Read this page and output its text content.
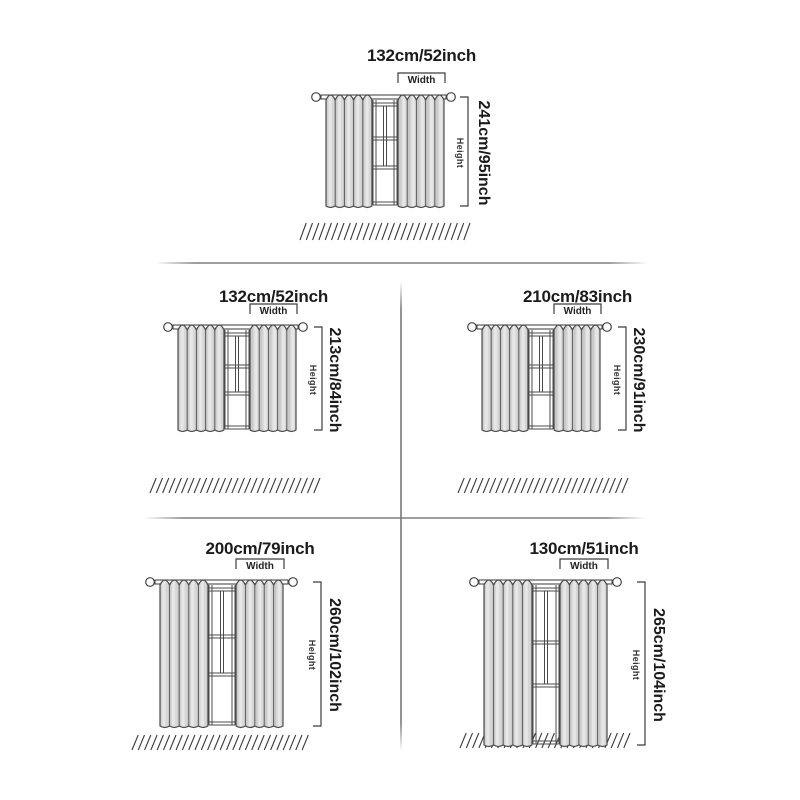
132cm/52inch
Width
Height 241cm/95inch
132cm/52inch
Width
Height 213cm/84inch
210cm/83inch
Width
Height 230cm/91inch
200cm/79inch
Width
Height 260cm/102inch
130cm/51inch
Width
Height 265cm/104inch
